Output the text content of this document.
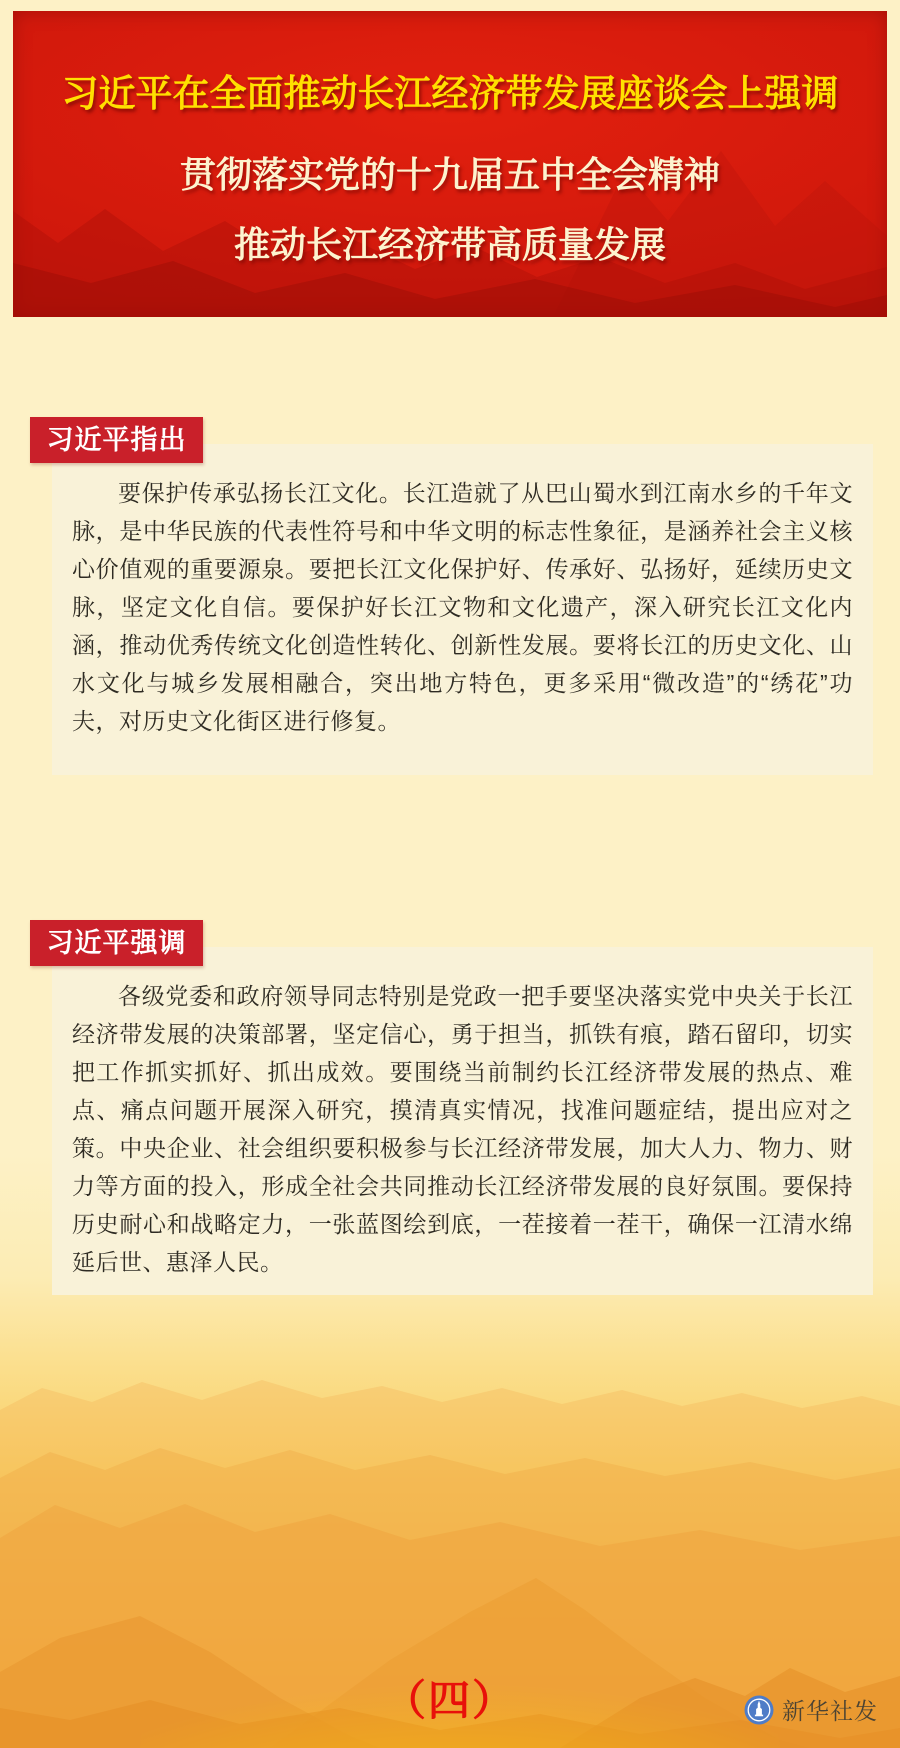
习近平在全面推动长江经济带发展座谈会上强调
贯彻落实党的十九届五中全会精神
推动长江经济带高质量发展
习近平指出

要保护传承弘扬长江文化。长江造就了从巴山蜀水到江南水乡的千年文脉，是中华民族的代表性符号和中华文明的标志性象征，是涵养社会主义核心价值观的重要源泉。要把长江文化保护好、传承好、弘扬好，延续历史文脉，坚定文化自信。要保护好长江文物和文化遗产，深入研究长江文化内涵，推动优秀传统文化创造性转化、创新性发展。要将长江的历史文化、山水文化与城乡发展相融合，突出地方特色，更多采用“微改造”的“绣花”功夫，对历史文化街区进行修复。

习近平强调

各级党委和政府领导同志特别是党政一把手要坚决落实党中央关于长江经济带发展的决策部署，坚定信心，勇于担当，抓铁有痕，踏石留印，切实把工作抓实抓好、抓出成效。要围绕当前制约长江经济带发展的热点、难点、痛点问题开展深入研究，摸清真实情况，找准问题症结，提出应对之策。中央企业、社会组织要积极参与长江经济带发展，加大人力、物力、财力等方面的投入，形成全社会共同推动长江经济带发展的良好氛围。要保持历史耐心和战略定力，一张蓝图绘到底，一茬接着一茬干，确保一江清水绵延后世、惠泽人民。

（四）	新华社发
